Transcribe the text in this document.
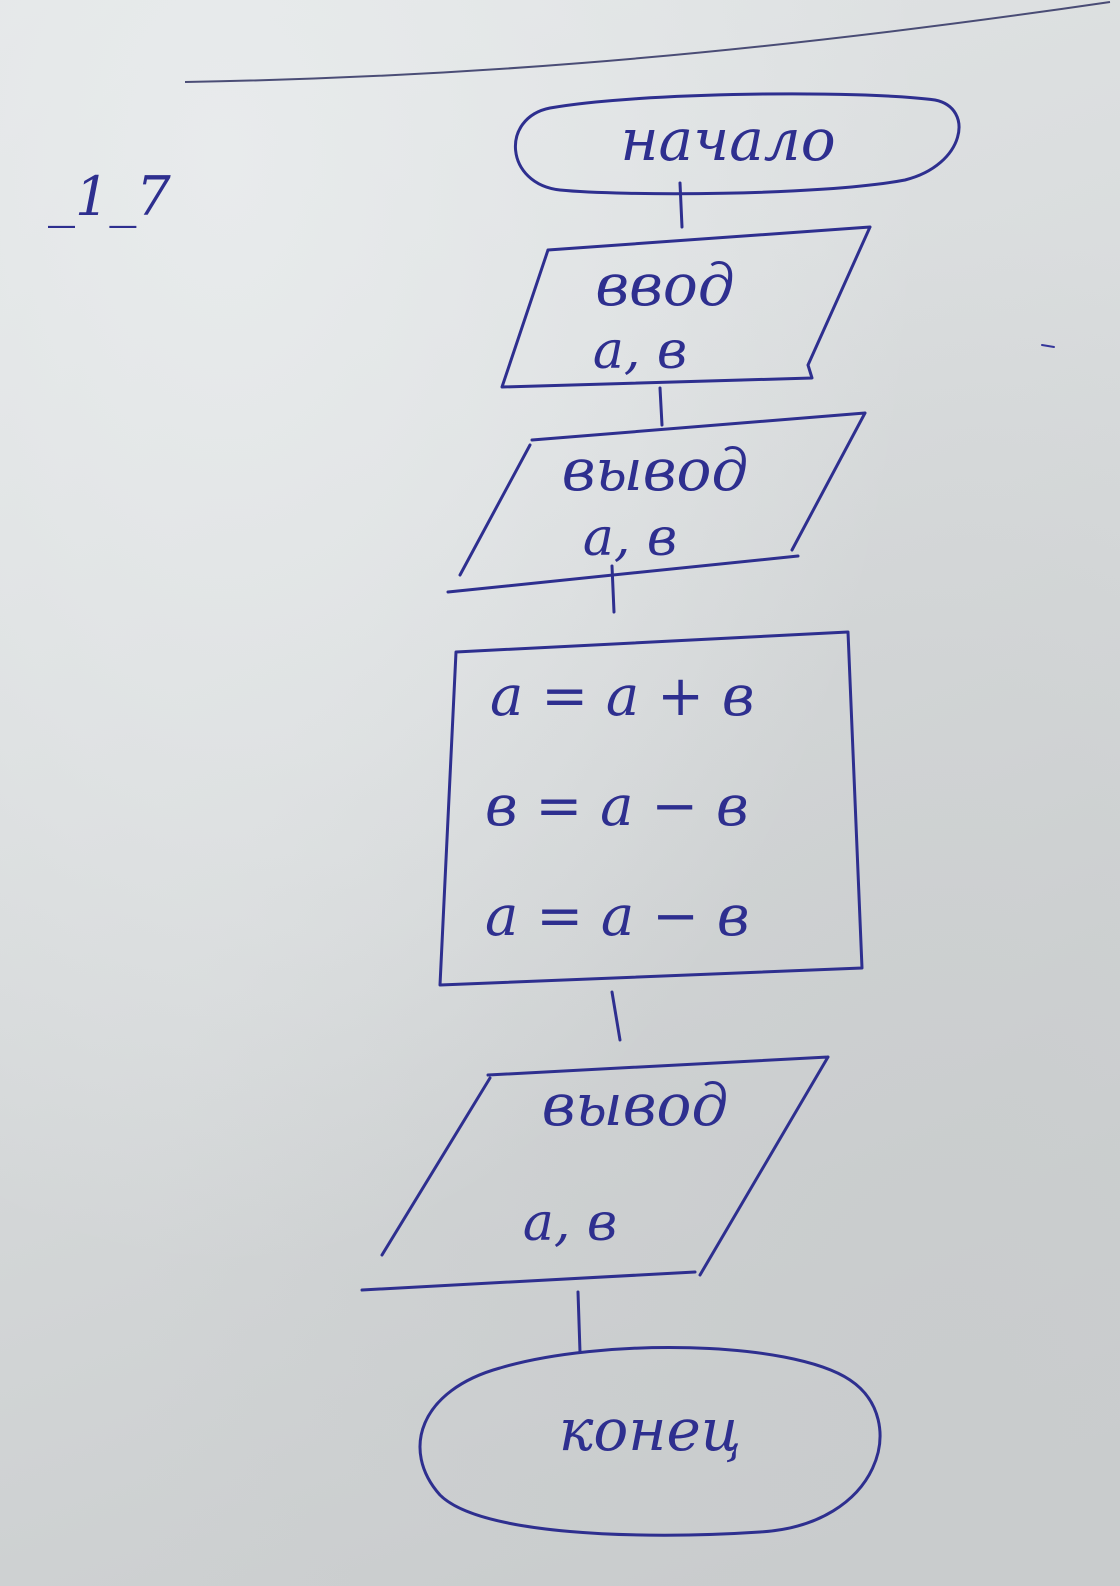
_1_7
начало
ввод
a, в
вывод
a, в
a = a + в
в = a − в
a = a − в
вывод
a, в
конец
